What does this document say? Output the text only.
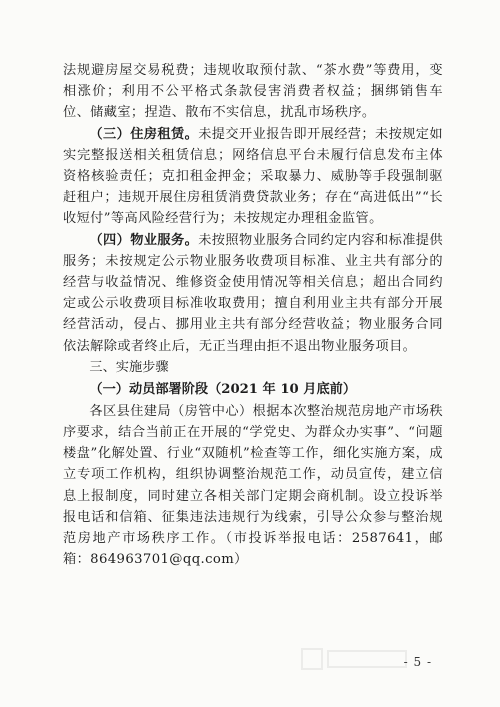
法规避房屋交易税费；违规收取预付款、“茶水费”等费用，变相涨价；利用不公平格式条款侵害消费者权益；捆绑销售车位、储藏室；捏造、散布不实信息，扰乱市场秩序。

（三）住房租赁。未提交开业报告即开展经营；未按规定如实完整报送相关租赁信息；网络信息平台未履行信息发布主体资格核验责任；克扣租金押金；采取暴力、威胁等手段强制驱赶租户；违规开展住房租赁消费贷款业务；存在“高进低出”“长收短付”等高风险经营行为；未按规定办理租金监管。

（四）物业服务。未按照物业服务合同约定内容和标准提供服务；未按规定公示物业服务收费项目标准、业主共有部分的经营与收益情况、维修资金使用情况等相关信息；超出合同约定或公示收费项目标准收取费用；擅自利用业主共有部分开展经营活动，侵占、挪用业主共有部分经营收益；物业服务合同依法解除或者终止后，无正当理由拒不退出物业服务项目。

三、实施步骤

（一）动员部署阶段（2021 年 10 月底前）

各区县住建局（房管中心）根据本次整治规范房地产市场秩序要求，结合当前正在开展的“学党史、为群众办实事”、“问题楼盘”化解处置、行业“双随机”检查等工作，细化实施方案，成立专项工作机构，组织协调整治规范工作，动员宣传，建立信息上报制度，同时建立各相关部门定期会商机制。设立投诉举报电话和信箱、征集违法违规行为线索，引导公众参与整治规范房地产市场秩序工作。（市投诉举报电话：2587641，邮箱：864963701@qq.com）

- 5 -
